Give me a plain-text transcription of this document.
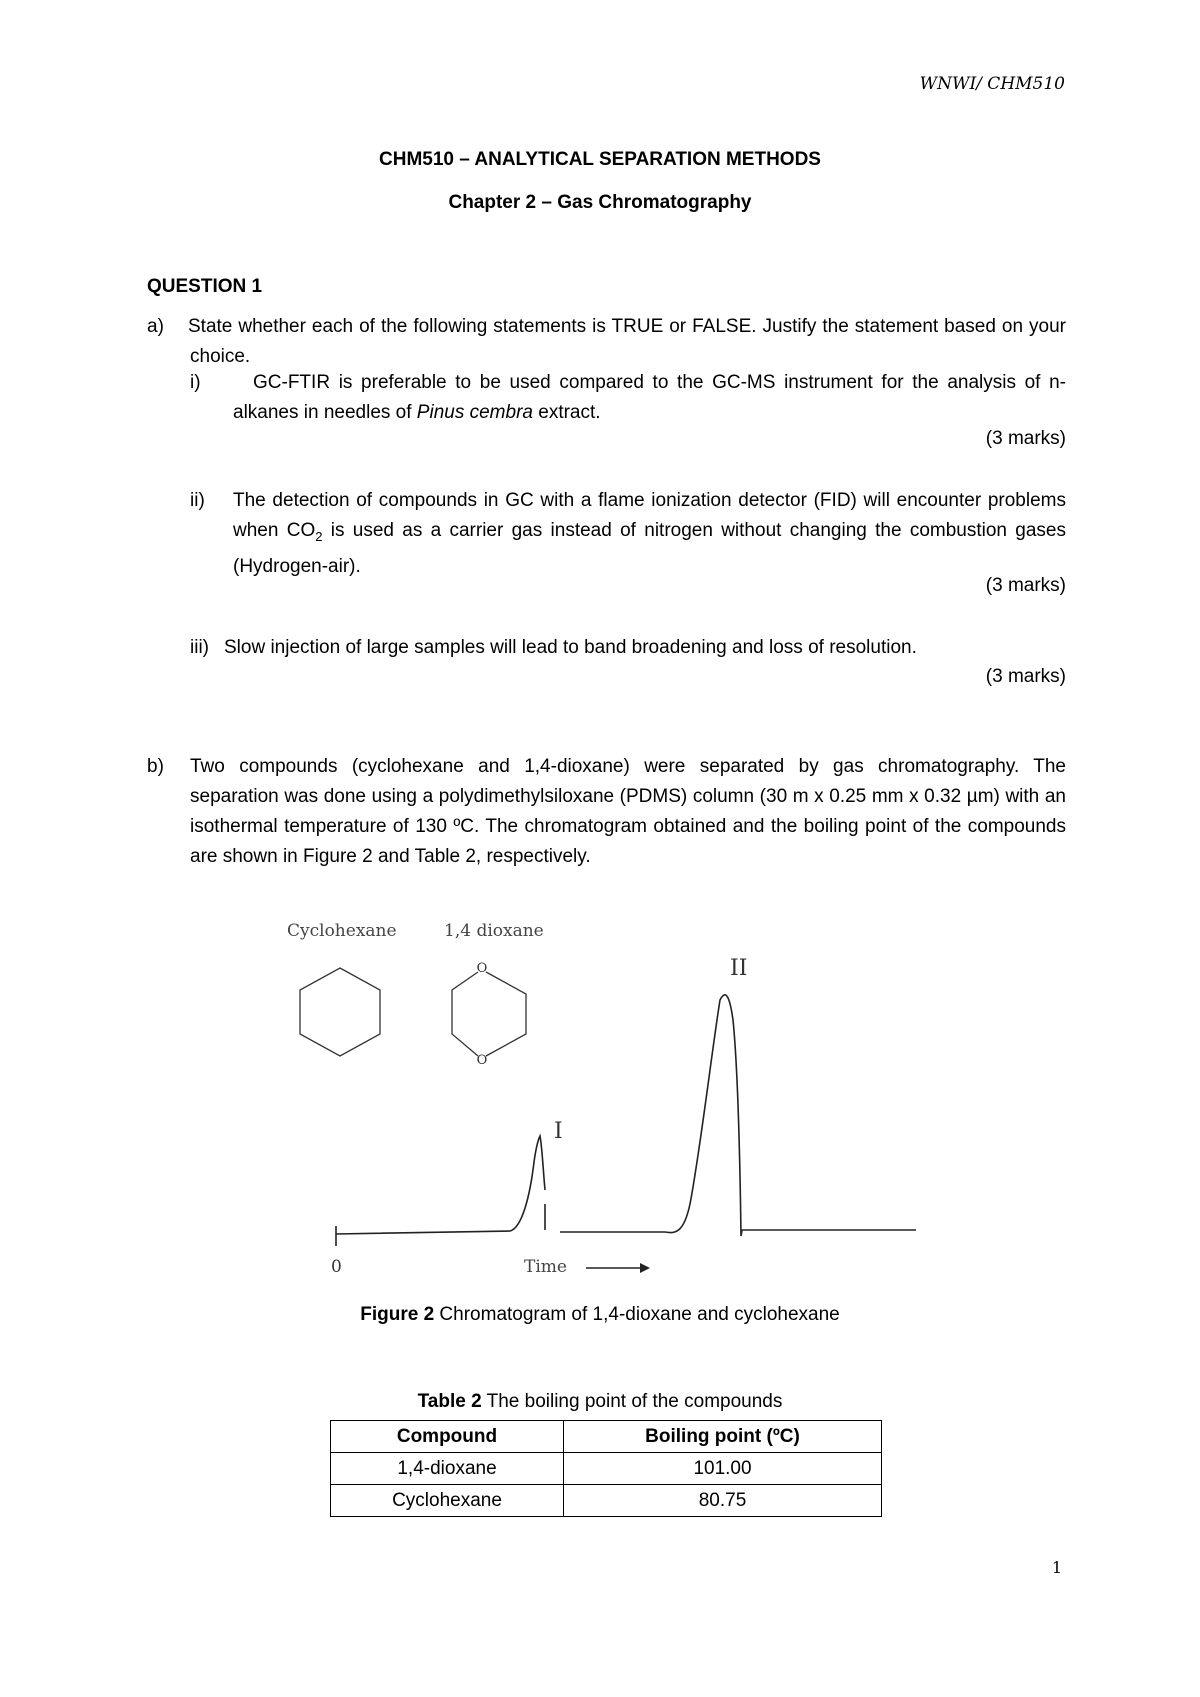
WNWI/ CHM510
CHM510 – ANALYTICAL SEPARATION METHODS
Chapter 2 – Gas Chromatography
QUESTION 1
a) State whether each of the following statements is TRUE or FALSE. Justify the statement based on your choice.
i)	GC-FTIR is preferable to be used compared to the GC-MS instrument for the analysis of n-alkanes in needles of Pinus cembra extract.
(3 marks)
ii) The detection of compounds in GC with a flame ionization detector (FID) will encounter problems when $CO_2$ is used as a carrier gas instead of nitrogen without changing the combustion gases (Hydrogen-air).
(3 marks)
iii) Slow injection of large samples will lead to band broadening and loss of resolution.
(3 marks)
b) Two compounds (cyclohexane and 1,4-dioxane) were separated by gas chromatography. The separation was done using a polydimethylsiloxane (PDMS) column (30 m x 0.25 mm x 0.32 µm) with an isothermal temperature of 130 ºC. The chromatogram obtained and the boiling point of the compounds are shown in Figure 2 and Table 2, respectively.
Cyclohexane	1,4 dioxane
O
O
I
II
0	Time
Figure 2 Chromatogram of 1,4-dioxane and cyclohexane
Table 2 The boiling point of the compounds
Compound	Boiling point (ºC)
1,4-dioxane	101.00
Cyclohexane	80.75
1
